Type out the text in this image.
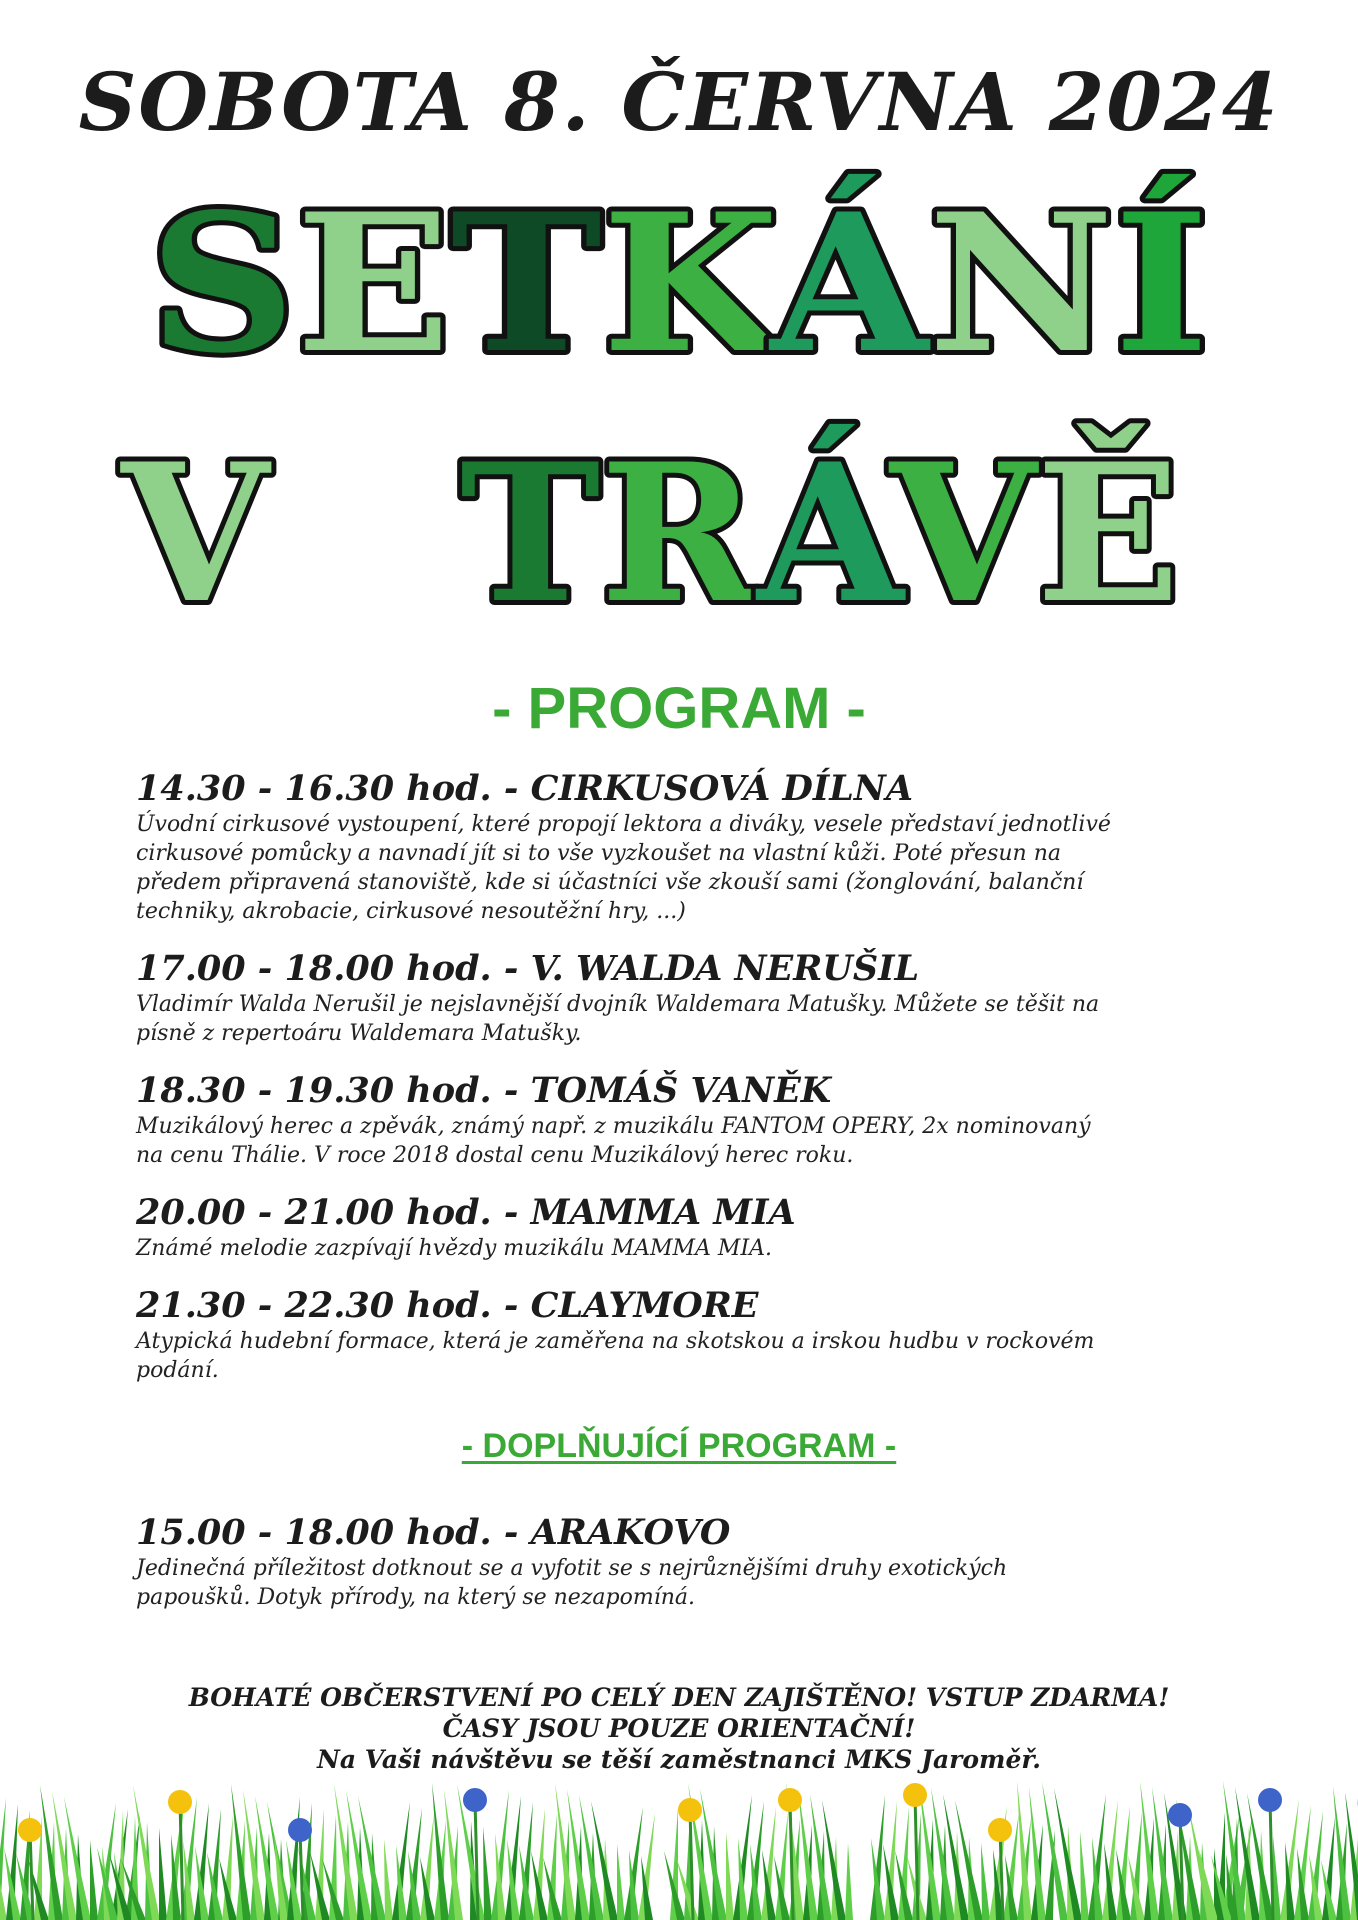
SOBOTA 8. ČERVNA 2024
SETKÁNÍ
V TRÁVĚ
- PROGRAM -
14.30 - 16.30 hod. - CIRKUSOVÁ DÍLNA
Úvodní cirkusové vystoupení, které propojí lektora a diváky, vesele představí jednotlivé
cirkusové pomůcky a navnadí jít si to vše vyzkoušet na vlastní kůži. Poté přesun na
předem připravená stanoviště, kde si účastníci vše zkouší sami (žonglování, balanční
techniky, akrobacie, cirkusové nesoutěžní hry, ...)
17.00 - 18.00 hod. - V. WALDA NERUŠIL
Vladimír Walda Nerušil je nejslavnější dvojník Waldemara Matušky. Můžete se těšit na
písně z repertoáru Waldemara Matušky.
18.30 - 19.30 hod. - TOMÁŠ VANĚK
Muzikálový herec a zpěvák, známý např. z muzikálu FANTOM OPERY, 2x nominovaný
na cenu Thálie. V roce 2018 dostal cenu Muzikálový herec roku.
20.00 - 21.00 hod. - MAMMA MIA
Známé melodie zazpívají hvězdy muzikálu MAMMA MIA.
21.30 - 22.30 hod. - CLAYMORE
Atypická hudební formace, která je zaměřena na skotskou a irskou hudbu v rockovém
podání.
- DOPLŇUJÍCÍ PROGRAM -
15.00 - 18.00 hod. - ARAKOVO
Jedinečná příležitost dotknout se a vyfotit se s nejrůznějšími druhy exotických
papoušků. Dotyk přírody, na který se nezapomíná.
BOHATÉ OBČERSTVENÍ PO CELÝ DEN ZAJIŠTĚNO! VSTUP ZDARMA!
ČASY JSOU POUZE ORIENTAČNÍ!
Na Vaši návštěvu se těší zaměstnanci MKS Jaroměř.
